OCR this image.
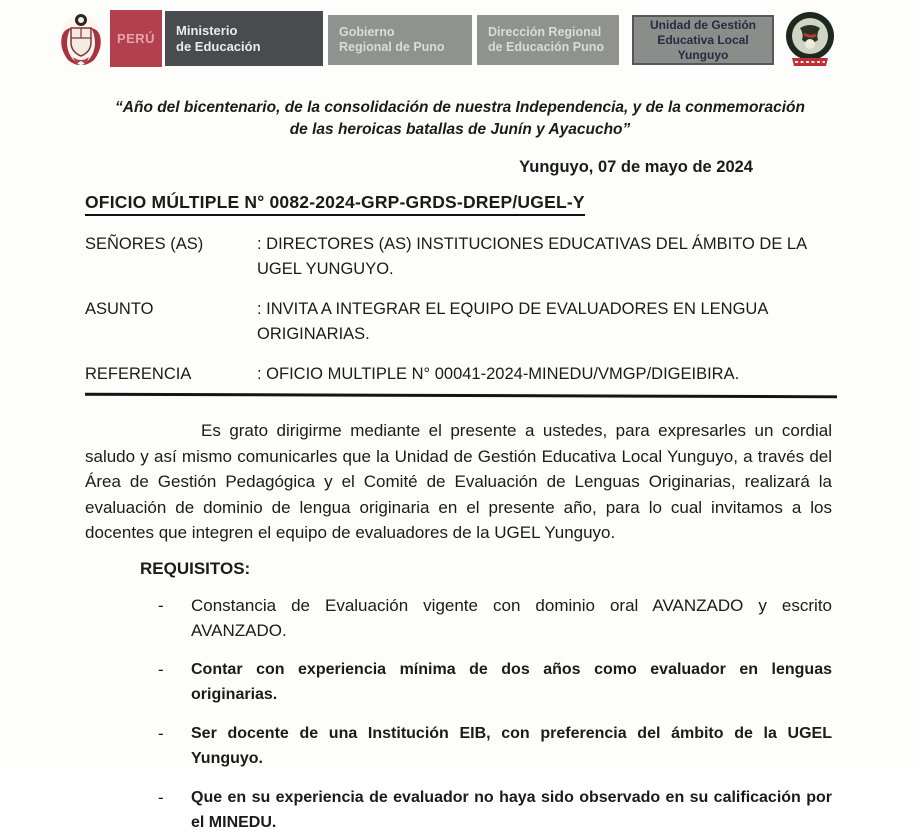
PERÚ
Ministerio
de Educación
Gobierno
Regional de Puno
Dirección Regional
de Educación Puno
Unidad de Gestión
Educativa Local Yunguyo
“Año del bicentenario, de la consolidación de nuestra Independencia, y de la conmemoración
de las heroicas batallas de Junín y Ayacucho”
Yunguyo, 07 de mayo de 2024
OFICIO MÚLTIPLE N° 0082-2024-GRP-GRDS-DREP/UGEL-Y
SEÑORES (AS)	: DIRECTORES (AS) INSTITUCIONES EDUCATIVAS DEL ÁMBITO DE LA UGEL YUNGUYO.
ASUNTO	: INVITA A INTEGRAR EL EQUIPO DE EVALUADORES EN LENGUA ORIGINARIAS.
REFERENCIA	: OFICIO MULTIPLE N° 00041-2024-MINEDU/VMGP/DIGEIBIRA.

Es grato dirigirme mediante el presente a ustedes, para expresarles un cordial saludo y así mismo comunicarles que la Unidad de Gestión Educativa Local Yunguyo, a través del Área de Gestión Pedagógica y el Comité de Evaluación de Lenguas Originarias, realizará la evaluación de dominio de lengua originaria en el presente año, para lo cual invitamos a los docentes que integren el equipo de evaluadores de la UGEL Yunguyo.

REQUISITOS:
-	Constancia de Evaluación vigente con dominio oral AVANZADO y escrito AVANZADO.
-	Contar con experiencia mínima de dos años como evaluador en lenguas originarias.
-	Ser docente de una Institución EIB, con preferencia del ámbito de la UGEL Yunguyo.
-	Que en su experiencia de evaluador no haya sido observado en su calificación por el MINEDU.
